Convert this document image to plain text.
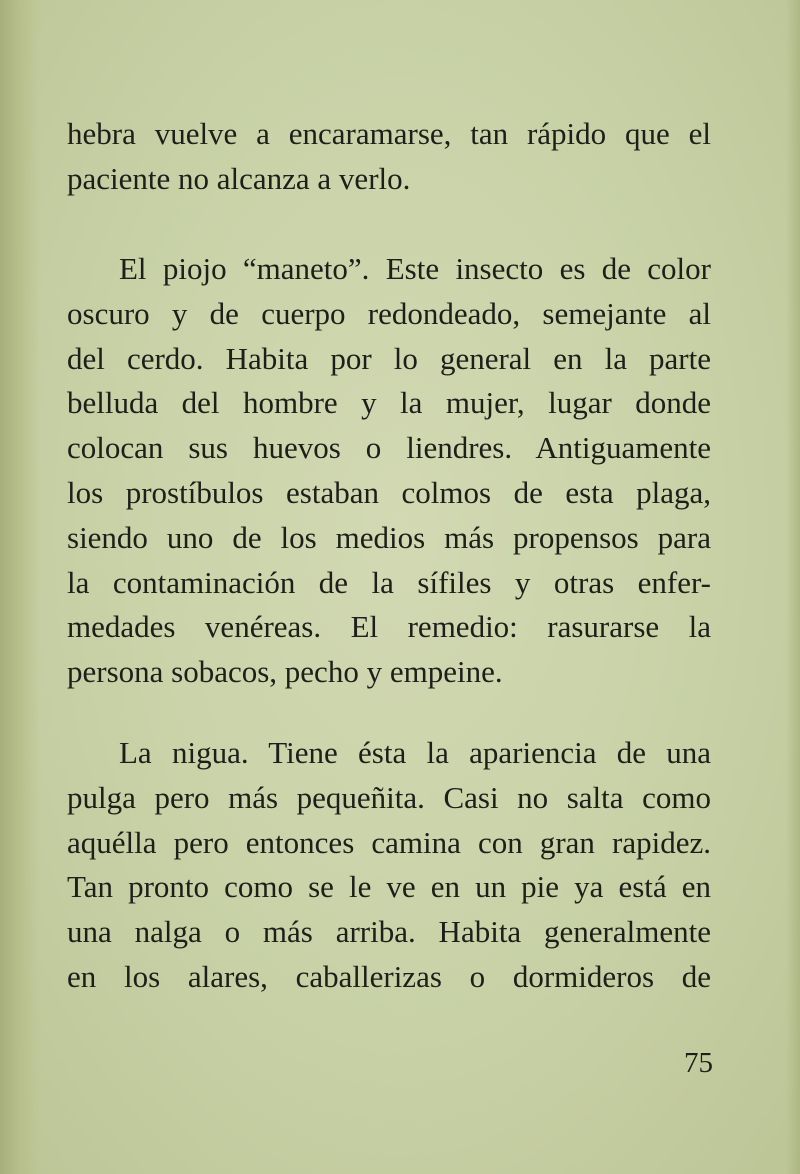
hebra vuelve a encaramarse, tan rápido que el
paciente no alcanza a verlo.
El piojo “maneto”. Este insecto es de color
oscuro y de cuerpo redondeado, semejante al
del cerdo. Habita por lo general en la parte
belluda del hombre y la mujer, lugar donde
colocan sus huevos o liendres. Antiguamente
los prostíbulos estaban colmos de esta plaga,
siendo uno de los medios más propensos para
la contaminación de la sífiles y otras enfer-
medades venéreas. El remedio: rasurarse la
persona sobacos, pecho y empeine.
La nigua. Tiene ésta la apariencia de una
pulga pero más pequeñita. Casi no salta como
aquélla pero entonces camina con gran rapidez.
Tan pronto como se le ve en un pie ya está en
una nalga o más arriba. Habita generalmente
en los alares, caballerizas o dormideros de
75
